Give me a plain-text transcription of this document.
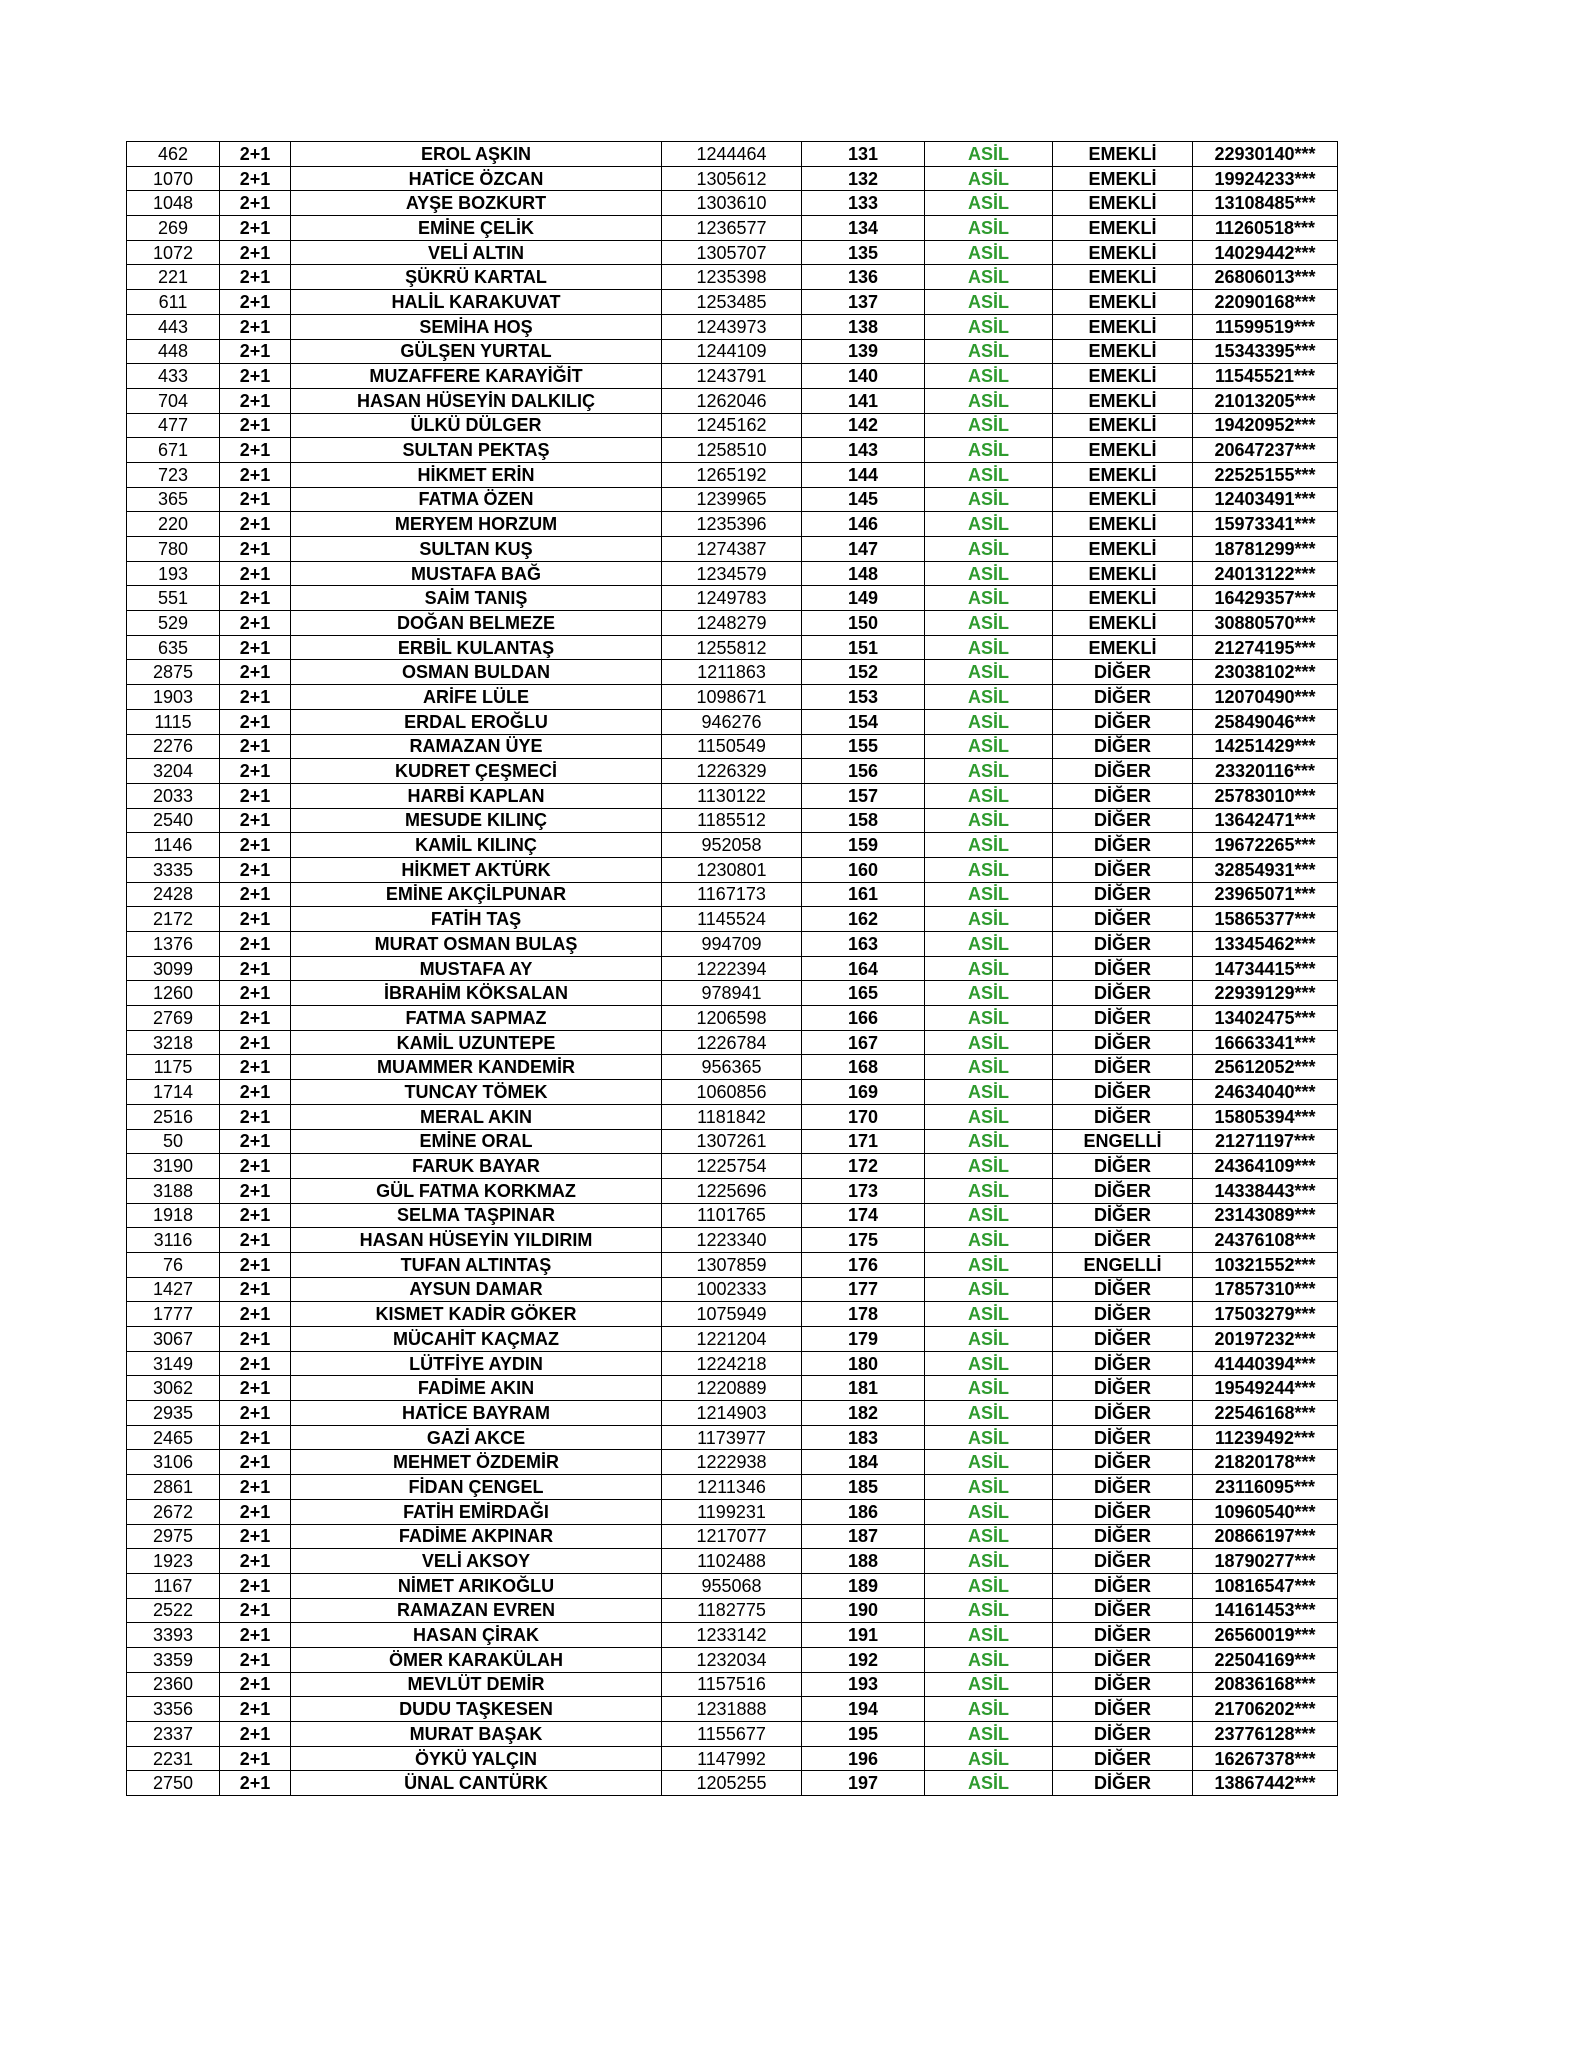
462	2+1	EROL AŞKIN	1244464	131	ASİL	EMEKLİ	22930140***
1070	2+1	HATİCE ÖZCAN	1305612	132	ASİL	EMEKLİ	19924233***
1048	2+1	AYŞE BOZKURT	1303610	133	ASİL	EMEKLİ	13108485***
269	2+1	EMİNE ÇELİK	1236577	134	ASİL	EMEKLİ	11260518***
1072	2+1	VELİ ALTIN	1305707	135	ASİL	EMEKLİ	14029442***
221	2+1	ŞÜKRÜ KARTAL	1235398	136	ASİL	EMEKLİ	26806013***
611	2+1	HALİL KARAKUVAT	1253485	137	ASİL	EMEKLİ	22090168***
443	2+1	SEMİHA HOŞ	1243973	138	ASİL	EMEKLİ	11599519***
448	2+1	GÜLŞEN YURTAL	1244109	139	ASİL	EMEKLİ	15343395***
433	2+1	MUZAFFERE KARAYİĞİT	1243791	140	ASİL	EMEKLİ	11545521***
704	2+1	HASAN HÜSEYİN DALKILIÇ	1262046	141	ASİL	EMEKLİ	21013205***
477	2+1	ÜLKÜ DÜLGER	1245162	142	ASİL	EMEKLİ	19420952***
671	2+1	SULTAN PEKTAŞ	1258510	143	ASİL	EMEKLİ	20647237***
723	2+1	HİKMET ERİN	1265192	144	ASİL	EMEKLİ	22525155***
365	2+1	FATMA ÖZEN	1239965	145	ASİL	EMEKLİ	12403491***
220	2+1	MERYEM HORZUM	1235396	146	ASİL	EMEKLİ	15973341***
780	2+1	SULTAN KUŞ	1274387	147	ASİL	EMEKLİ	18781299***
193	2+1	MUSTAFA BAĞ	1234579	148	ASİL	EMEKLİ	24013122***
551	2+1	SAİM TANIŞ	1249783	149	ASİL	EMEKLİ	16429357***
529	2+1	DOĞAN BELMEZE	1248279	150	ASİL	EMEKLİ	30880570***
635	2+1	ERBİL KULANTAŞ	1255812	151	ASİL	EMEKLİ	21274195***
2875	2+1	OSMAN BULDAN	1211863	152	ASİL	DİĞER	23038102***
1903	2+1	ARİFE LÜLE	1098671	153	ASİL	DİĞER	12070490***
1115	2+1	ERDAL EROĞLU	946276	154	ASİL	DİĞER	25849046***
2276	2+1	RAMAZAN ÜYE	1150549	155	ASİL	DİĞER	14251429***
3204	2+1	KUDRET ÇEŞMECİ	1226329	156	ASİL	DİĞER	23320116***
2033	2+1	HARBİ KAPLAN	1130122	157	ASİL	DİĞER	25783010***
2540	2+1	MESUDE KILINÇ	1185512	158	ASİL	DİĞER	13642471***
1146	2+1	KAMİL KILINÇ	952058	159	ASİL	DİĞER	19672265***
3335	2+1	HİKMET AKTÜRK	1230801	160	ASİL	DİĞER	32854931***
2428	2+1	EMİNE AKÇİLPUNAR	1167173	161	ASİL	DİĞER	23965071***
2172	2+1	FATİH TAŞ	1145524	162	ASİL	DİĞER	15865377***
1376	2+1	MURAT OSMAN BULAŞ	994709	163	ASİL	DİĞER	13345462***
3099	2+1	MUSTAFA AY	1222394	164	ASİL	DİĞER	14734415***
1260	2+1	İBRAHİM KÖKSALAN	978941	165	ASİL	DİĞER	22939129***
2769	2+1	FATMA SAPMAZ	1206598	166	ASİL	DİĞER	13402475***
3218	2+1	KAMİL UZUNTEPE	1226784	167	ASİL	DİĞER	16663341***
1175	2+1	MUAMMER KANDEMİR	956365	168	ASİL	DİĞER	25612052***
1714	2+1	TUNCAY TÖMEK	1060856	169	ASİL	DİĞER	24634040***
2516	2+1	MERAL AKIN	1181842	170	ASİL	DİĞER	15805394***
50	2+1	EMİNE ORAL	1307261	171	ASİL	ENGELLİ	21271197***
3190	2+1	FARUK BAYAR	1225754	172	ASİL	DİĞER	24364109***
3188	2+1	GÜL FATMA KORKMAZ	1225696	173	ASİL	DİĞER	14338443***
1918	2+1	SELMA TAŞPINAR	1101765	174	ASİL	DİĞER	23143089***
3116	2+1	HASAN HÜSEYİN YILDIRIM	1223340	175	ASİL	DİĞER	24376108***
76	2+1	TUFAN ALTINTAŞ	1307859	176	ASİL	ENGELLİ	10321552***
1427	2+1	AYSUN DAMAR	1002333	177	ASİL	DİĞER	17857310***
1777	2+1	KISMET KADİR GÖKER	1075949	178	ASİL	DİĞER	17503279***
3067	2+1	MÜCAHİT KAÇMAZ	1221204	179	ASİL	DİĞER	20197232***
3149	2+1	LÜTFİYE AYDIN	1224218	180	ASİL	DİĞER	41440394***
3062	2+1	FADİME AKIN	1220889	181	ASİL	DİĞER	19549244***
2935	2+1	HATİCE BAYRAM	1214903	182	ASİL	DİĞER	22546168***
2465	2+1	GAZİ AKCE	1173977	183	ASİL	DİĞER	11239492***
3106	2+1	MEHMET ÖZDEMİR	1222938	184	ASİL	DİĞER	21820178***
2861	2+1	FİDAN ÇENGEL	1211346	185	ASİL	DİĞER	23116095***
2672	2+1	FATİH EMİRDAĞI	1199231	186	ASİL	DİĞER	10960540***
2975	2+1	FADİME AKPINAR	1217077	187	ASİL	DİĞER	20866197***
1923	2+1	VELİ AKSOY	1102488	188	ASİL	DİĞER	18790277***
1167	2+1	NİMET ARIKOĞLU	955068	189	ASİL	DİĞER	10816547***
2522	2+1	RAMAZAN EVREN	1182775	190	ASİL	DİĞER	14161453***
3393	2+1	HASAN ÇİRAK	1233142	191	ASİL	DİĞER	26560019***
3359	2+1	ÖMER KARAKÜLAH	1232034	192	ASİL	DİĞER	22504169***
2360	2+1	MEVLÜT DEMİR	1157516	193	ASİL	DİĞER	20836168***
3356	2+1	DUDU TAŞKESEN	1231888	194	ASİL	DİĞER	21706202***
2337	2+1	MURAT BAŞAK	1155677	195	ASİL	DİĞER	23776128***
2231	2+1	ÖYKÜ YALÇIN	1147992	196	ASİL	DİĞER	16267378***
2750	2+1	ÜNAL CANTÜRK	1205255	197	ASİL	DİĞER	13867442***
